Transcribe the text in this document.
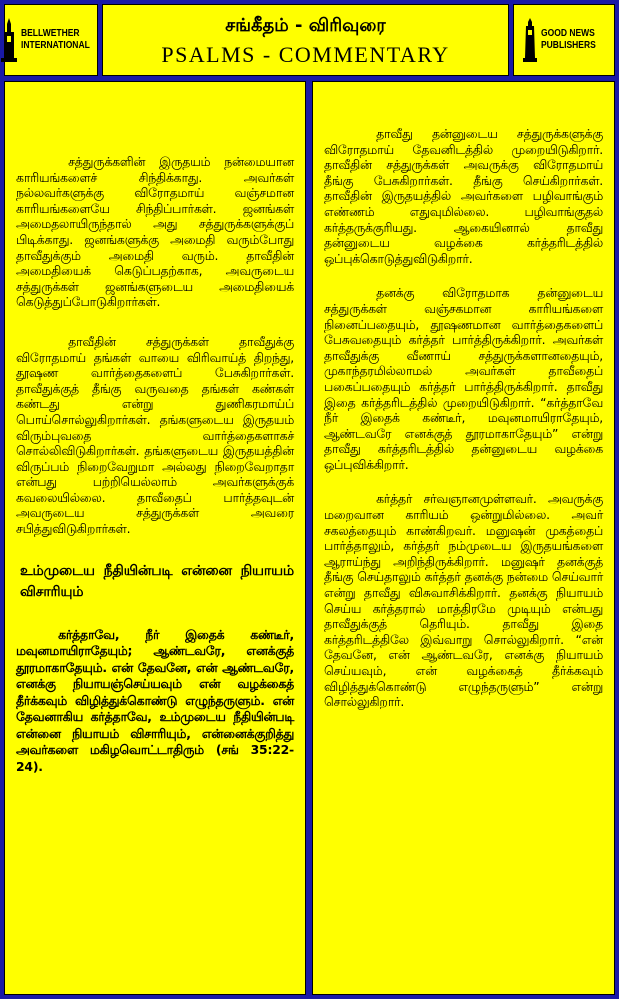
BELLWETHER
INTERNATIONAL
சங்கீதம் - விரிவுரை
PSALMS - COMMENTARY
GOOD NEWS
PUBLISHERS

சத்துருக்களின் இருதயம் நன்மையான காரியங்களைச் சிந்திக்காது. அவர்கள் நல்லவர்களுக்கு விரோதமாய் வஞ்சமான காரியங்களையே சிந்திப்பார்கள். ஜனங்கள் அமைதலாயிருந்தால் அது சத்துருக்களுக்குப் பிடிக்காது. ஜனங்களுக்கு அமைதி வரும்போது தாவீதுக்கும் அமைதி வரும். தாவீதின் அமைதியைக் கெடுப்பதற்காக, அவருடைய சத்துருக்கள் ஜனங்களுடைய அமைதியைக் கெடுத்துப்போடுகிறார்கள்.

தாவீதின் சத்துருக்கள் தாவீதுக்கு விரோதமாய் தங்கள் வாயை விரிவாய்த் திறந்து, தூஷண வார்த்தைகளைப் பேசுகிறார்கள். தாவீதுக்குத் தீங்கு வருவதை தங்கள் கண்கள் கண்டது என்று துணிகரமாய்ப் பொய்சொல்லுகிறார்கள். தங்களுடைய இருதயம் விரும்புவதை வார்த்தைகளாகச் சொல்லிவிடுகிறார்கள். தங்களுடைய இருதயத்தின் விருப்பம் நிறைவேறுமா அல்லது நிறைவேறாதா என்பது பற்றியெல்லாம் அவர்களுக்குக் கவலையில்லை. தாவீதைப் பார்த்தவுடன் அவருடைய சத்துருக்கள் அவரை சபித்துவிடுகிறார்கள்.

உம்முடைய நீதியின்படி என்னை நியாயம் விசாரியும்

கர்த்தாவே, நீர் இதைக் கண்டீர், மவுனமாயிராதேயும்; ஆண்டவரே, எனக்குத் தூரமாகாதேயும். என் தேவனே, என் ஆண்டவரே, எனக்கு நியாயஞ்செய்யவும் என் வழக்கைத் தீர்க்கவும் விழித்துக்கொண்டு எழுந்தருளும். என் தேவனாகிய கர்த்தாவே, உம்முடைய நீதியின்படி என்னை நியாயம் விசாரியும், என்னைக்குறித்து அவர்களை மகிழவொட்டாதிரும் (சங் 35:22-24).

தாவீது தன்னுடைய சத்துருக்களுக்கு விரோதமாய் தேவனிடத்தில் முறையிடுகிறார். தாவீதின் சத்துருக்கள் அவருக்கு விரோதமாய் தீங்கு பேசுகிறார்கள். தீங்கு செய்கிறார்கள். தாவீதின் இருதயத்தில் அவர்களை பழிவாங்கும் எண்ணம் எதுவுமில்லை. பழிவாங்குதல் கர்த்தருக்குரியது. ஆகையினால் தாவீது தன்னுடைய வழக்கை கர்த்தரிடத்தில் ஒப்புக்கொடுத்துவிடுகிறார்.

தனக்கு விரோதமாக தன்னுடைய சத்துருக்கள் வஞ்சகமான காரியங்களை நினைப்பதையும், தூஷணமான வார்த்தைகளைப் பேசுவதையும் கர்த்தர் பார்த்திருக்கிறார். அவர்கள் தாவீதுக்கு வீணாய் சத்துருக்களானதையும், முகாந்தரமில்லாமல் அவர்கள் தாவீதைப் பகைப்பதையும் கர்த்தர் பார்த்திருக்கிறார். தாவீது இதை கர்த்தரிடத்தில் முறையிடுகிறார். “கர்த்தாவே நீர் இதைக் கண்டீர், மவுனமாயிராதேயும், ஆண்டவரே எனக்குத் தூரமாகாதேயும்” என்று தாவீது கர்த்தரிடத்தில் தன்னுடைய வழக்கை ஒப்புவிக்கிறார்.

கர்த்தர் சர்வஞானமுள்ளவர். அவருக்கு மறைவான காரியம் ஒன்றுமில்லை. அவர் சகலத்தையும் காண்கிறவர். மனுஷன் முகத்தைப் பார்த்தாலும், கர்த்தர் நம்முடைய இருதயங்களை ஆராய்ந்து அறிந்திருக்கிறார். மனுஷர் தனக்குத் தீங்கு செய்தாலும் கர்த்தர் தனக்கு நன்மை செய்வார் என்று தாவீது விசுவாசிக்கிறார். தனக்கு நியாயம் செய்ய கர்த்தரால் மாத்திரமே முடியும் என்பது தாவீதுக்குத் தெரியும். தாவீது இதை கர்த்தரிடத்திலே இவ்வாறு சொல்லுகிறார். “என் தேவனே, என் ஆண்டவரே, எனக்கு நியாயம் செய்யவும், என் வழக்கைத் தீர்க்கவும் விழித்துக்கொண்டு எழுந்தருளும்” என்று சொல்லுகிறார்.
